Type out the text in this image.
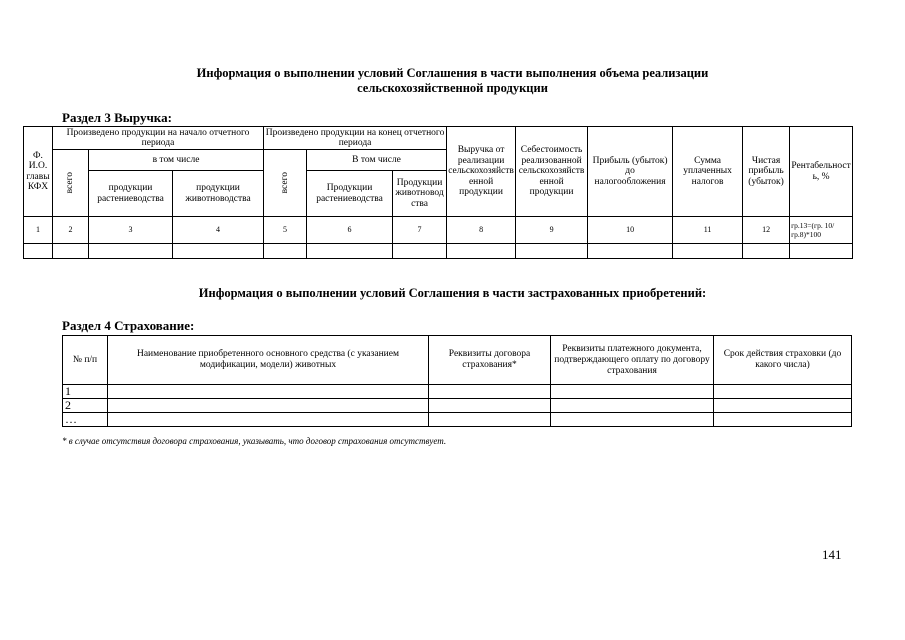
Информация о выполнении условий Соглашения в части выполнения объема реализации
сельскохозяйственной продукции
Раздел 3 Выручка:
Ф. И.О. главы КФХ	Произведено продукции на начало отчетного периода			Произведено продукции на конец отчетного периода			Выручка от реализации сельскохозяйственной продукции	Себестоимость реализованной сельскохозяйственной продукции	Прибыль (убыток) до налогообложения	Сумма уплаченных налогов	Чистая прибыль (убыток)	Рентабельность, %

	всего	в том числе		всего	В том числе							
		продукции растениеводства	продукции животноводства		Продукции растениеводства	Продукции животноводства						
1	2	3	4	5	6	7	8	9	10	11	12	гр.13=(гр. 10/ гр.8)*100

Информация о выполнении условий Соглашения в части застрахованных приобретений:
Раздел 4 Страхование:
№ п/п	Наименование приобретенного основного средства (с указанием модификации, модели) животных	Реквизиты договора страхования*	Реквизиты платежного документа, подтверждающего оплату по договору страхования	Срок действия страховки (до какого числа)
1				
2				
…				
* в случае отсутствия договора страхования, указывать, что договор страхования отсутствует.
141
